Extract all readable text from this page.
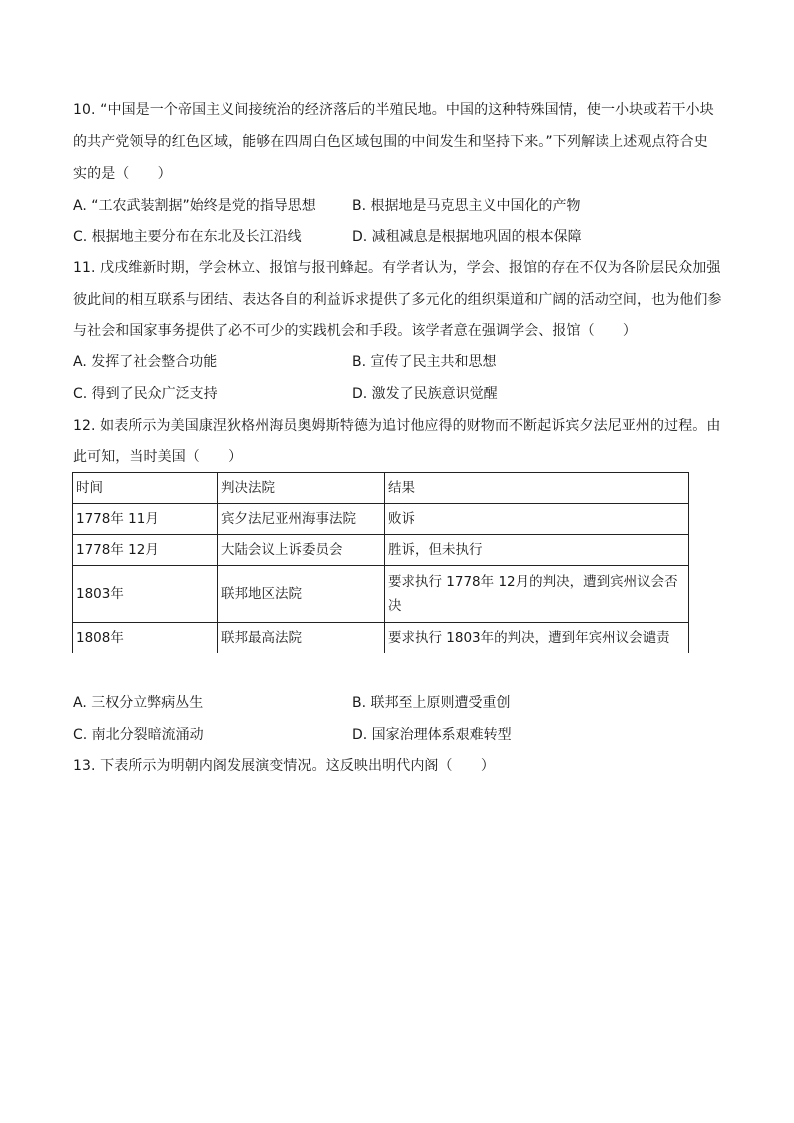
10. “中国是一个帝国主义间接统治的经济落后的半殖民地。中国的这种特殊国情，使一小块或若干小块
的共产党领导的红色区域，能够在四周白色区域包围的中间发生和坚持下来。”下列解读上述观点符合史
实的是（　　）
A. “工农武装割据”始终是党的指导思想	B. 根据地是马克思主义中国化的产物
C. 根据地主要分布在东北及长江沿线	D. 减租减息是根据地巩固的根本保障
11. 戊戌维新时期，学会林立、报馆与报刊蜂起。有学者认为，学会、报馆的存在不仅为各阶层民众加强
彼此间的相互联系与团结、表达各自的利益诉求提供了多元化的组织渠道和广阔的活动空间，也为他们参
与社会和国家事务提供了必不可少的实践机会和手段。该学者意在强调学会、报馆（　　）
A. 发挥了社会整合功能	B. 宣传了民主共和思想
C. 得到了民众广泛支持	D. 激发了民族意识觉醒
12. 如表所示为美国康涅狄格州海员奥姆斯特德为追讨他应得的财物而不断起诉宾夕法尼亚州的过程。由
此可知，当时美国（　　）
时间	判决法院	结果
1778年 11月	宾夕法尼亚州海事法院	败诉
1778年 12月	大陆会议上诉委员会	胜诉，但未执行
1803年	联邦地区法院	要求执行 1778年 12月的判决，遭到宾州议会否决
1808年	联邦最高法院	要求执行 1803年的判决，遭到年宾州议会谴责
A. 三权分立弊病丛生	B. 联邦至上原则遭受重创
C. 南北分裂暗流涌动	D. 国家治理体系艰难转型
13. 下表所示为明朝内阁发展演变情况。这反映出明代内阁（　　）
